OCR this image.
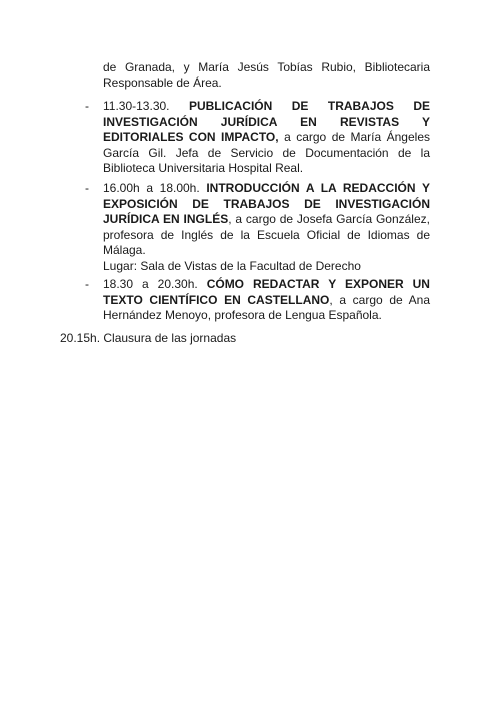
de Granada, y María Jesús Tobías Rubio, Bibliotecaria Responsable de Área.
- 11.30-13.30. PUBLICACIÓN DE TRABAJOS DE INVESTIGACIÓN JURÍDICA EN REVISTAS Y EDITORIALES CON IMPACTO, a cargo de María Ángeles García Gil. Jefa de Servicio de Documentación de la Biblioteca Universitaria Hospital Real.
- 16.00h a 18.00h. INTRODUCCIÓN A LA REDACCIÓN Y EXPOSICIÓN DE TRABAJOS DE INVESTIGACIÓN JURÍDICA EN INGLÉS, a cargo de Josefa García González, profesora de Inglés de la Escuela Oficial de Idiomas de Málaga.
Lugar: Sala de Vistas de la Facultad de Derecho
- 18.30 a 20.30h. CÓMO REDACTAR Y EXPONER UN TEXTO CIENTÍFICO EN CASTELLANO, a cargo de Ana Hernández Menoyo, profesora de Lengua Española.
20.15h. Clausura de las jornadas
